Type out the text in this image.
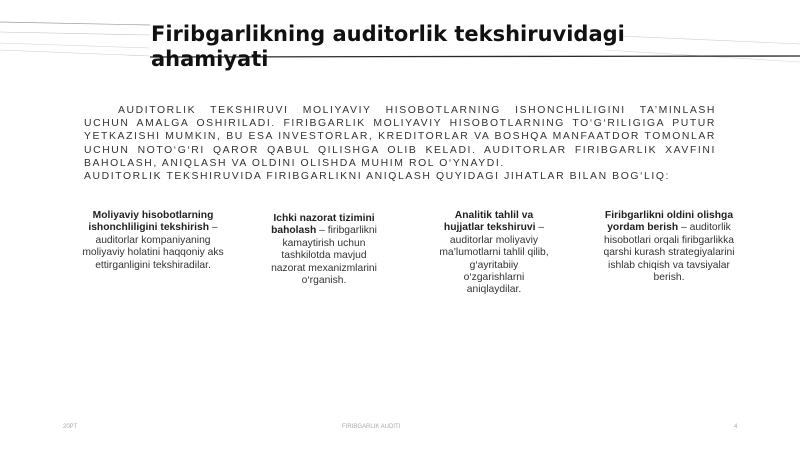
Firibgarlikning auditorlik tekshiruvidagi ahamiyati

AUDITORLIK TEKSHIRUVI MOLIYAVIY HISOBOTLARNING ISHONCHLILIGINI TA’MINLASH UCHUN AMALGA OSHIRILADI. FIRIBGARLIK MOLIYAVIY HISOBOTLARNING TO‘G‘RILIGIGA PUTUR YETKAZISHI MUMKIN, BU ESA INVESTORLAR, KREDITORLAR VA BOSHQA MANFAATDOR TOMONLAR UCHUN NOTO‘G‘RI QAROR QABUL QILISHGA OLIB KELADI. AUDITORLAR FIRIBGARLIK XAVFINI BAHOLASH, ANIQLASH VA OLDINI OLISHDA MUHIM ROL O‘YNAYDI.

AUDITORLIK TEKSHIRUVIDA FIRIBGARLIKNI ANIQLASH QUYIDAGI JIHATLAR BILAN BOG‘LIQ:

Moliyaviy hisobotlarning ishonchliligini tekshirish – auditorlar kompaniyaning moliyaviy holatini haqqoniy aks ettirganligini tekshiradilar.
Ichki nazorat tizimini baholash – firibgarlikni kamaytirish uchun tashkilotda mavjud nazorat mexanizmlarini o‘rganish.
Analitik tahlil va hujjatlar tekshiruvi – auditorlar moliyaviy ma’lumotlarni tahlil qilib, g‘ayritabiiy o‘zgarishlarni aniqlaydilar.
Firibgarlikni oldini olishga yordam berish – auditorlik hisobotlari orqali firibgarlikka qarshi kurash strategiyalarini ishlab chiqish va tavsiyalar berish.
20PT	FIRIBGARLIK AUDITI	4
